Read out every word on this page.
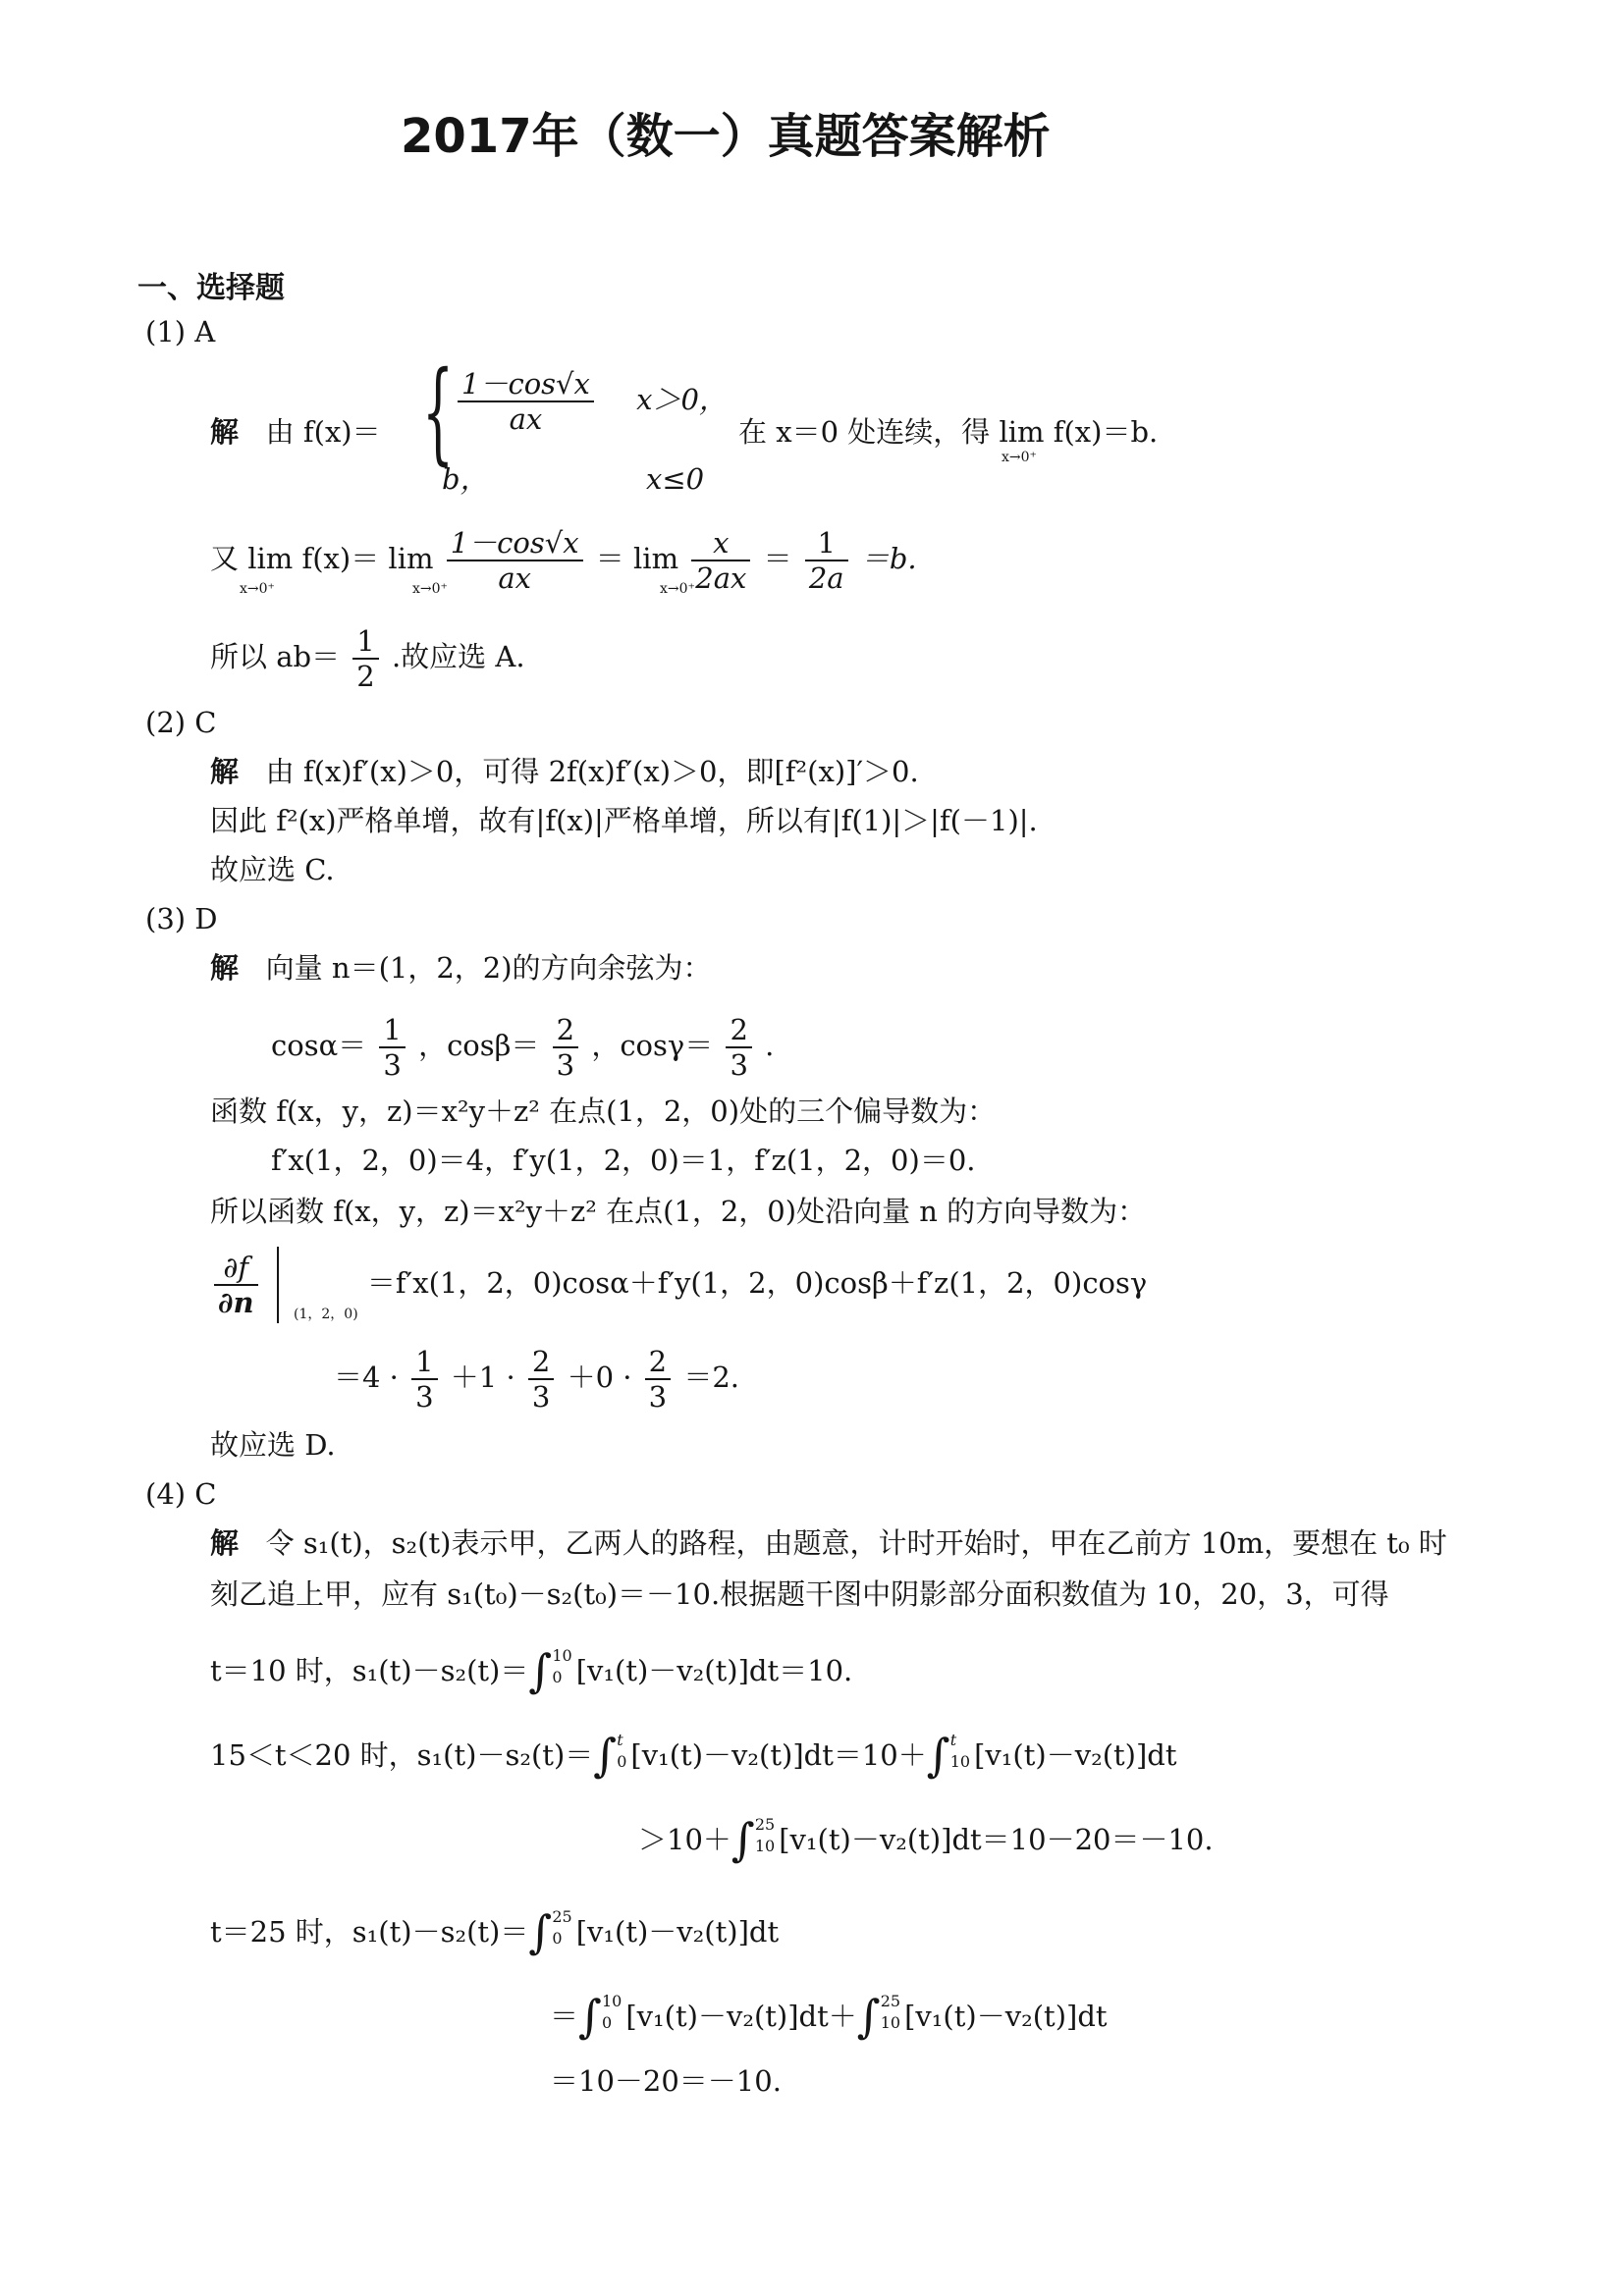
2017年（数一）真题答案解析
一、选择题
(1) A
解 由 f(x)＝ { $\frac{1-\cos√x}{ax} x>0$，
b，	x≤0
在 x＝0 处连续，得 lim f(x)＝b.
x→0⁺
又 $\lim f(x)= \lim \frac{1-\cos√x}{ax} = \lim \frac{x}{2ax} = \frac{1}{2a} =b$.
x→0⁺	x→0⁺	x→0⁺
所以 $ab= \frac{1}{2}$ .故应选 A.
(2) C
解 由 f(x)f′(x)＞0，可得 2f(x)f′(x)＞0，即[f²(x)]′＞0.
因此 f²(x)严格单增，故有|f(x)|严格单增，所以有|f(1)|＞|f(－1)|.
故应选 C.
(3) D
解 向量 n＝(1，2，2)的方向余弦为：
$\cos\alpha= \frac{1}{3}$ ，$\cos\beta= \frac{2}{3}$ ，$\cos\gamma= \frac{2}{3}$ .
函数 f(x，y，z)＝x²y＋z² 在点(1，2，0)处的三个偏导数为：
f′x(1，2，0)＝4，f′y(1，2，0)＝1，f′z(1，2，0)＝0.
所以函数 f(x，y，z)＝x²y＋z² 在点(1，2，0)处沿向量 n 的方向导数为：
$\frac{\partial f}{\partial n}$	$_{(1,2,0)}$ ＝f′x(1，2，0)cosα＋f′y(1，2，0)cosβ＋f′z(1，2，0)cosγ
$=4 \cdot \frac{1}{3} +1 \cdot \frac{2}{3} +0 \cdot \frac{2}{3} =2$.
故应选 D.
(4) C
解 令 s₁(t)，s₂(t)表示甲，乙两人的路程，由题意，计时开始时，甲在乙前方 10m，要想在 t₀ 时
刻乙追上甲，应有 s₁(t₀)－s₂(t₀)＝－10.根据题干图中阴影部分面积数值为 10，20，3，可得
t＝10 时，s₁(t)－s₂(t)＝∫ 10
0 [v₁(t)－v₂(t)]dt＝10.
15＜t＜20 时，s₁(t)－s₂(t)＝∫ t
0 [v₁(t)－v₂(t)]dt＝10＋∫ t
10 [v₁(t)－v₂(t)]dt
＞10＋∫ 25
10 [v₁(t)－v₂(t)]dt＝10－20＝－10.
t＝25 时，s₁(t)－s₂(t)＝∫ 25
0 [v₁(t)－v₂(t)]dt
＝∫ 10
0 [v₁(t)－v₂(t)]dt＋∫ 25
10 [v₁(t)－v₂(t)]dt
＝10－20＝－10.
